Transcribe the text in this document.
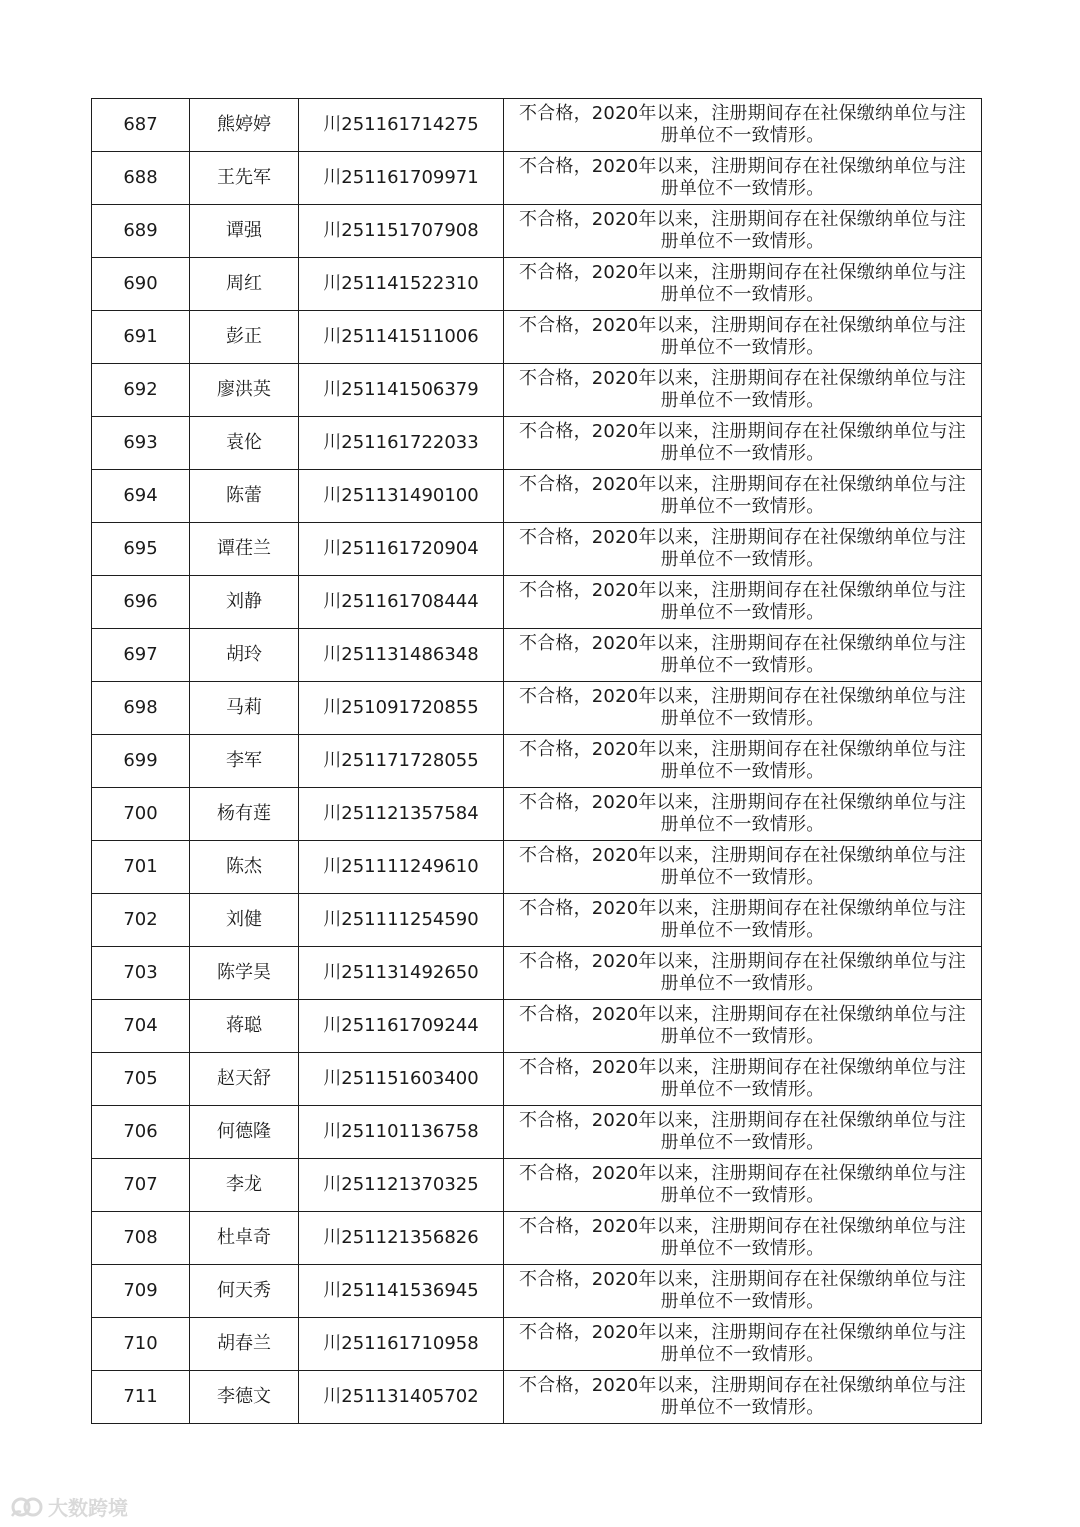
687	熊婷婷	川251161714275	不合格，2020年以来，注册期间存在社保缴纳单位与注册单位不一致情形。
688	王先军	川251161709971	不合格，2020年以来，注册期间存在社保缴纳单位与注册单位不一致情形。
689	谭强	川251151707908	不合格，2020年以来，注册期间存在社保缴纳单位与注册单位不一致情形。
690	周红	川251141522310	不合格，2020年以来，注册期间存在社保缴纳单位与注册单位不一致情形。
691	彭正	川251141511006	不合格，2020年以来，注册期间存在社保缴纳单位与注册单位不一致情形。
692	廖洪英	川251141506379	不合格，2020年以来，注册期间存在社保缴纳单位与注册单位不一致情形。
693	袁伦	川251161722033	不合格，2020年以来，注册期间存在社保缴纳单位与注册单位不一致情形。
694	陈蕾	川251131490100	不合格，2020年以来，注册期间存在社保缴纳单位与注册单位不一致情形。
695	谭荏兰	川251161720904	不合格，2020年以来，注册期间存在社保缴纳单位与注册单位不一致情形。
696	刘静	川251161708444	不合格，2020年以来，注册期间存在社保缴纳单位与注册单位不一致情形。
697	胡玲	川251131486348	不合格，2020年以来，注册期间存在社保缴纳单位与注册单位不一致情形。
698	马莉	川251091720855	不合格，2020年以来，注册期间存在社保缴纳单位与注册单位不一致情形。
699	李军	川251171728055	不合格，2020年以来，注册期间存在社保缴纳单位与注册单位不一致情形。
700	杨有莲	川251121357584	不合格，2020年以来，注册期间存在社保缴纳单位与注册单位不一致情形。
701	陈杰	川251111249610	不合格，2020年以来，注册期间存在社保缴纳单位与注册单位不一致情形。
702	刘健	川251111254590	不合格，2020年以来，注册期间存在社保缴纳单位与注册单位不一致情形。
703	陈学昊	川251131492650	不合格，2020年以来，注册期间存在社保缴纳单位与注册单位不一致情形。
704	蒋聪	川251161709244	不合格，2020年以来，注册期间存在社保缴纳单位与注册单位不一致情形。
705	赵天舒	川251151603400	不合格，2020年以来，注册期间存在社保缴纳单位与注册单位不一致情形。
706	何德隆	川251101136758	不合格，2020年以来，注册期间存在社保缴纳单位与注册单位不一致情形。
707	李龙	川251121370325	不合格，2020年以来，注册期间存在社保缴纳单位与注册单位不一致情形。
708	杜卓奇	川251121356826	不合格，2020年以来，注册期间存在社保缴纳单位与注册单位不一致情形。
709	何天秀	川251141536945	不合格，2020年以来，注册期间存在社保缴纳单位与注册单位不一致情形。
710	胡春兰	川251161710958	不合格，2020年以来，注册期间存在社保缴纳单位与注册单位不一致情形。
711	李德文	川251131405702	不合格，2020年以来，注册期间存在社保缴纳单位与注册单位不一致情形。
大数跨境
